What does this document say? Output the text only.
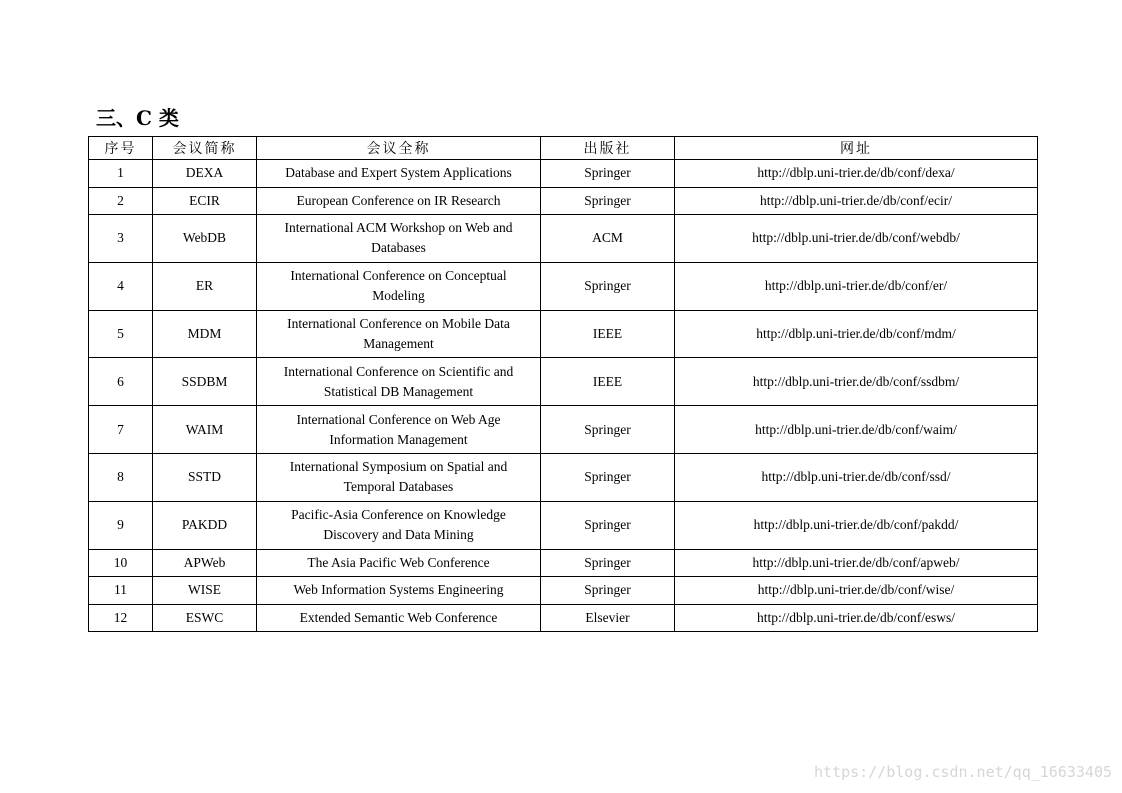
三、C 类
序号	会议简称	会议全称	出版社	网址
1	DEXA	Database and Expert System Applications	Springer	http://dblp.uni-trier.de/db/conf/dexa/
2	ECIR	European Conference on IR Research	Springer	http://dblp.uni-trier.de/db/conf/ecir/
3	WebDB	International ACM Workshop on Web and Databases	ACM	http://dblp.uni-trier.de/db/conf/webdb/
4	ER	International Conference on Conceptual Modeling	Springer	http://dblp.uni-trier.de/db/conf/er/
5	MDM	International Conference on Mobile Data Management	IEEE	http://dblp.uni-trier.de/db/conf/mdm/
6	SSDBM	International Conference on Scientific and Statistical DB Management	IEEE	http://dblp.uni-trier.de/db/conf/ssdbm/
7	WAIM	International Conference on Web Age Information Management	Springer	http://dblp.uni-trier.de/db/conf/waim/
8	SSTD	International Symposium on Spatial and Temporal Databases	Springer	http://dblp.uni-trier.de/db/conf/ssd/
9	PAKDD	Pacific-Asia Conference on Knowledge Discovery and Data Mining	Springer	http://dblp.uni-trier.de/db/conf/pakdd/
10	APWeb	The Asia Pacific Web Conference	Springer	http://dblp.uni-trier.de/db/conf/apweb/
11	WISE	Web Information Systems Engineering	Springer	http://dblp.uni-trier.de/db/conf/wise/
12	ESWC	Extended Semantic Web Conference	Elsevier	http://dblp.uni-trier.de/db/conf/esws/
https://blog.csdn.net/qq_16633405
